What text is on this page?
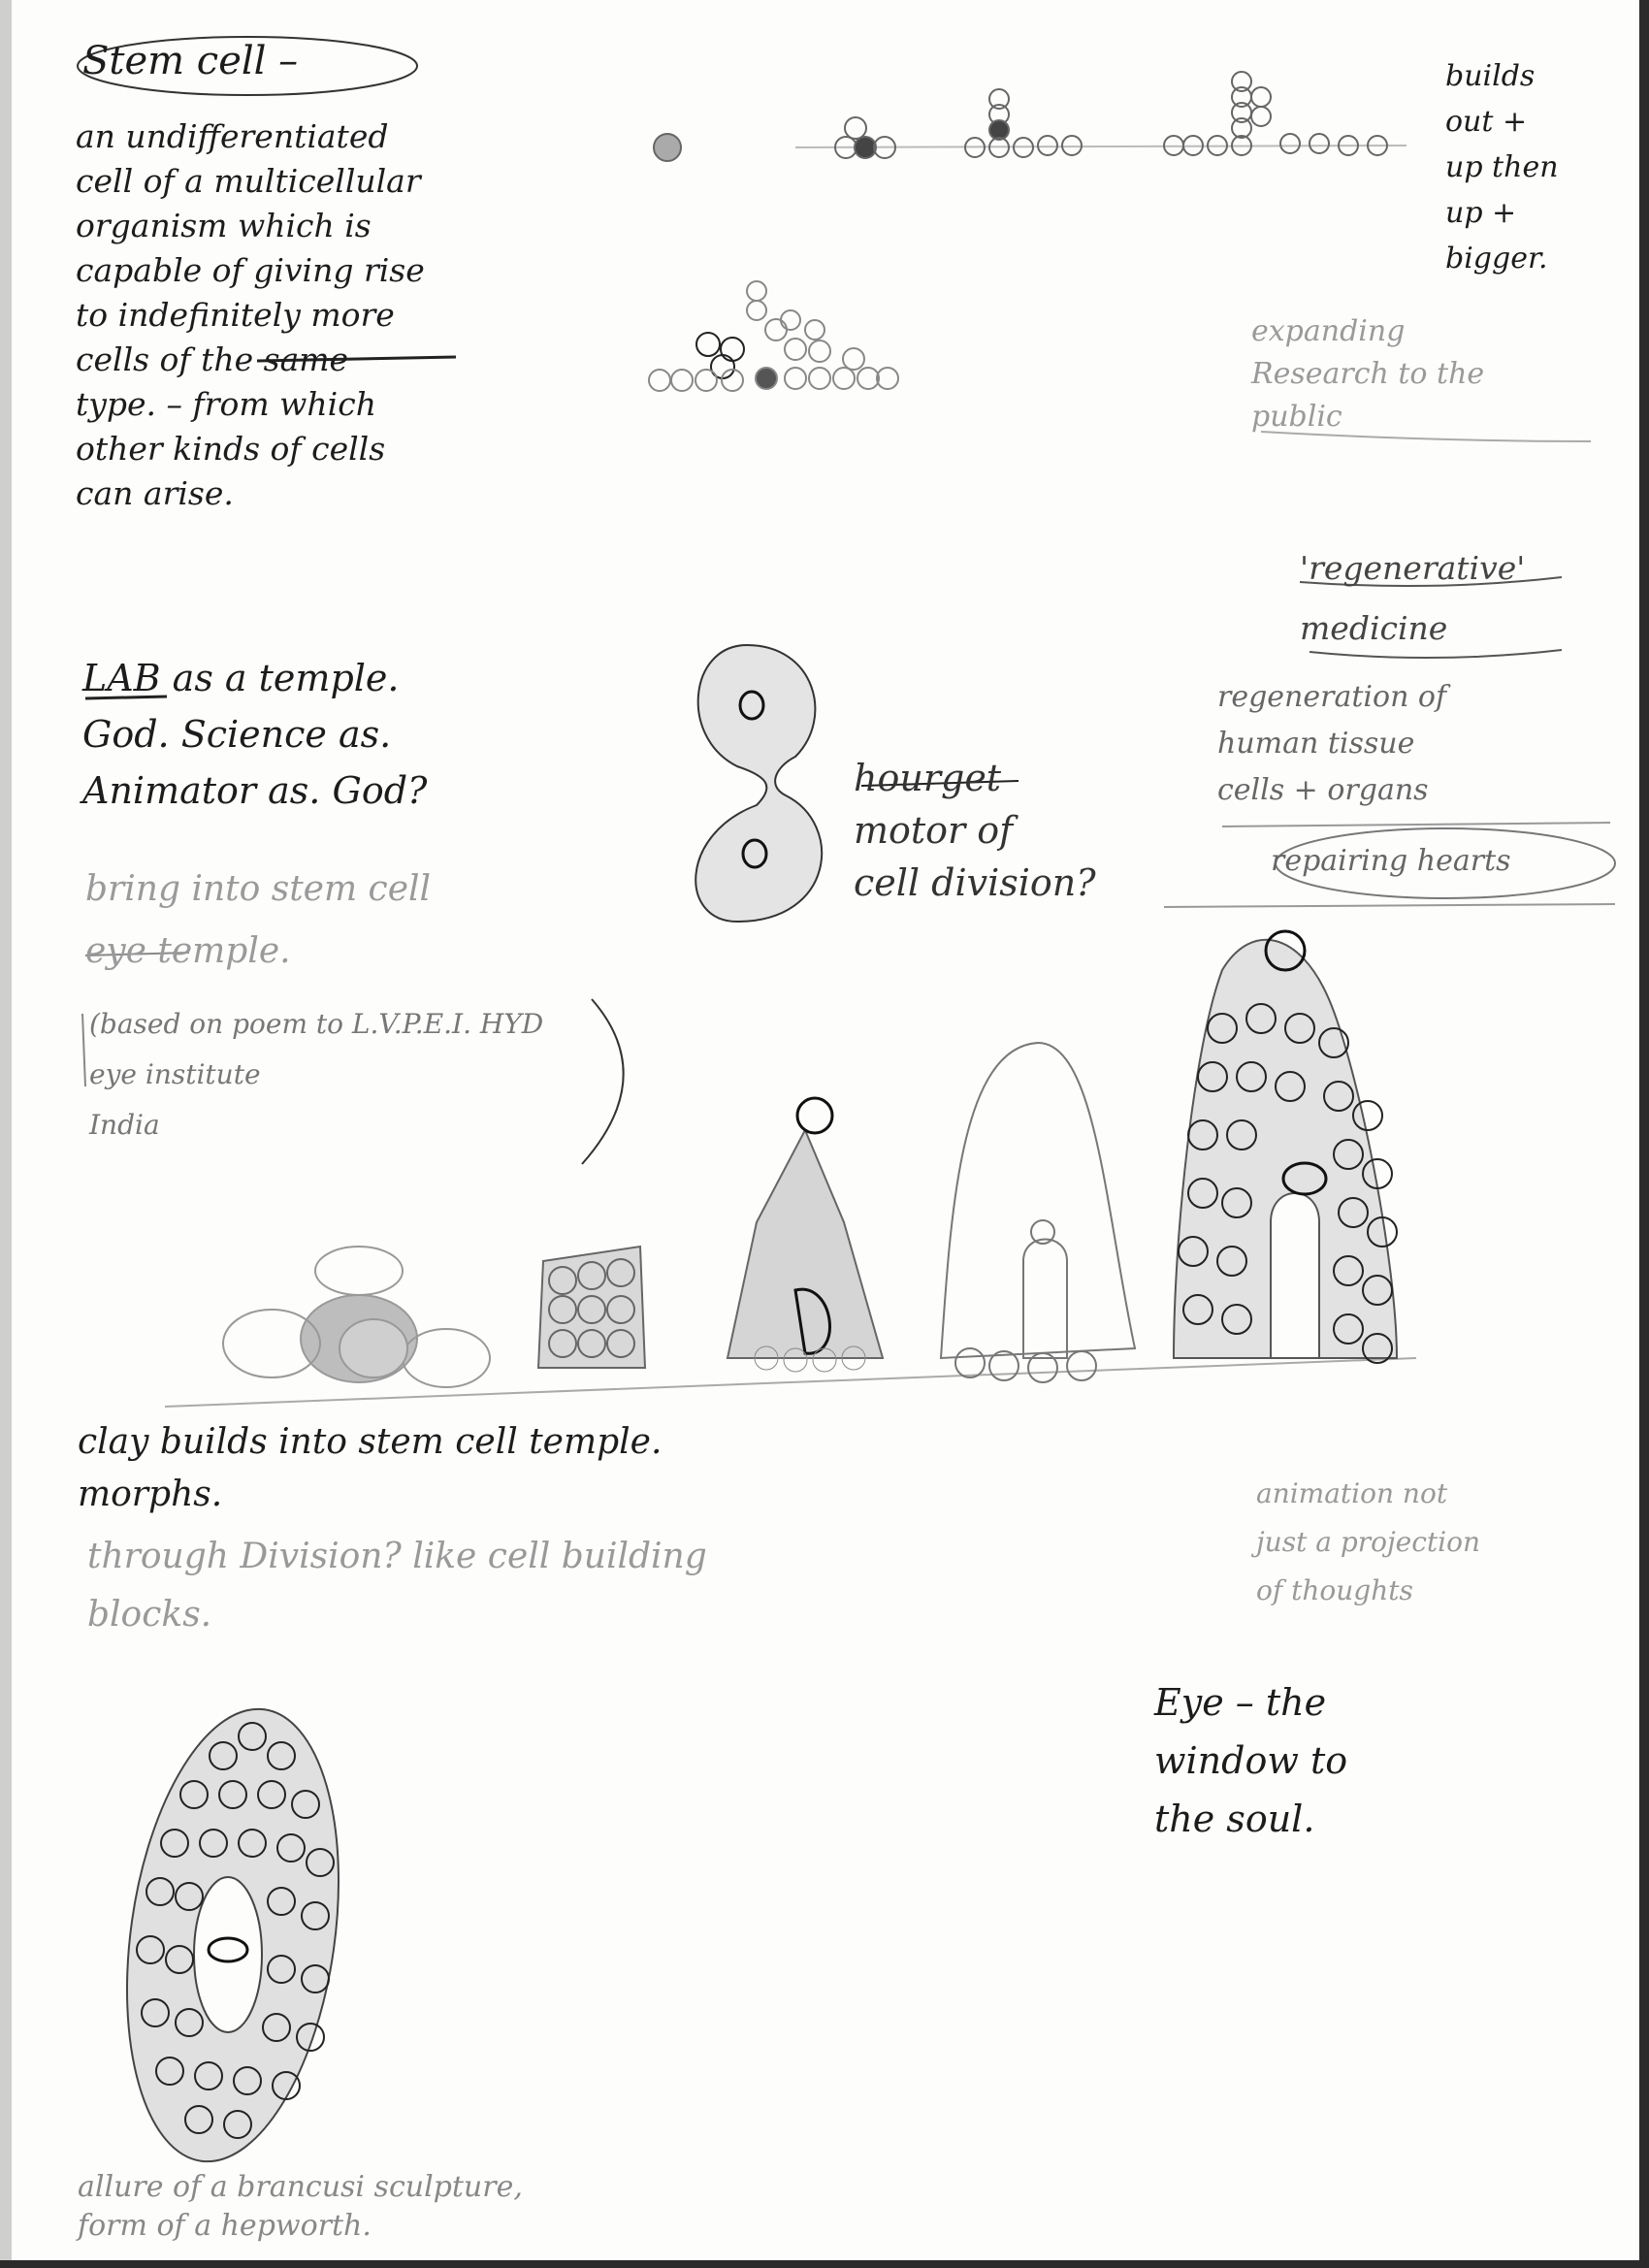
Stem cell –
an undifferentiated
cell of a multicellular
organism which is
capable of giving rise
to indefinitely more
cells of the same
type. – from which
other kinds of cells
can arise.
builds
out +
up then
up +
bigger.
expanding
Research to the
public
'regenerative'
medicine
regeneration of
human tissue
cells + organs
repairing hearts
LAB as a temple.
God. Science as.
Animator as. God?
bring into stem cell
eye temple.
(based on poem to L.V.P.E.I. HYD
eye institute
India
hourget
motor of
cell division?
clay builds into stem cell temple.
morphs.
through Division? like cell building
blocks.
animation not
just a projection
of thoughts
Eye – the
window to
the soul.
allure of a brancusi sculpture,
form of a hepworth.
